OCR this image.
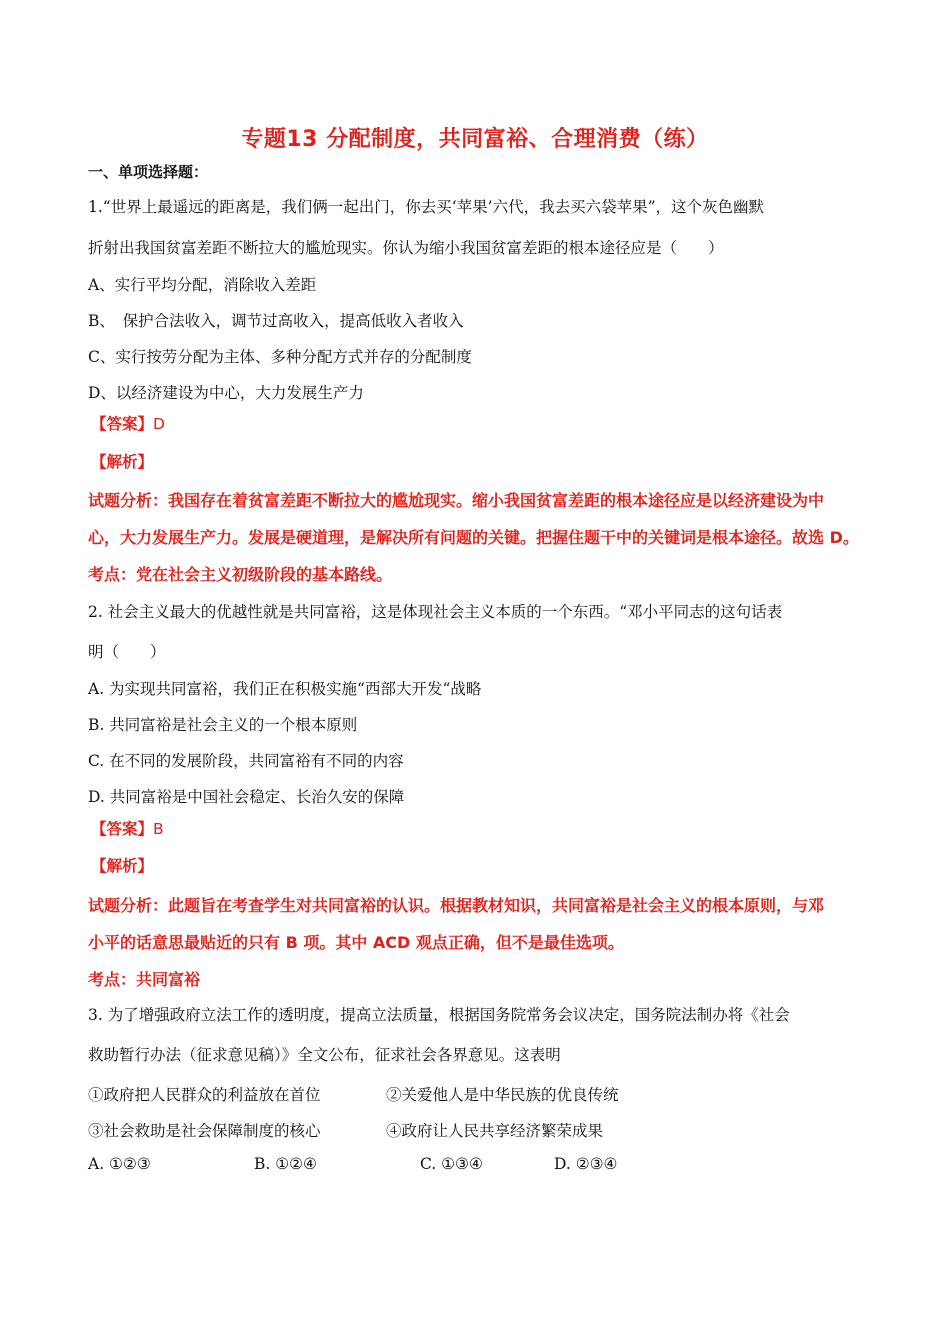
专题13 分配制度，共同富裕、合理消费（练）
一、单项选择题：
1.“世界上最遥远的距离是，我们俩一起出门，你去买‘苹果’六代，我去买六袋苹果”，这个灰色幽默
折射出我国贫富差距不断拉大的尴尬现实。你认为缩小我国贫富差距的根本途径应是（　　）
A、实行平均分配，消除收入差距
B、　保护合法收入，调节过高收入，提高低收入者收入
C、实行按劳分配为主体、多种分配方式并存的分配制度
D、以经济建设为中心，大力发展生产力
【答案】D
【解析】
试题分析：我国存在着贫富差距不断拉大的尴尬现实。缩小我国贫富差距的根本途径应是以经济建设为中
心，大力发展生产力。发展是硬道理，是解决所有问题的关键。把握住题干中的关键词是根本途径。故选 D。
考点：党在社会主义初级阶段的基本路线。
2. 社会主义最大的优越性就是共同富裕，这是体现社会主义本质的一个东西。“邓小平同志的这句话表
明（　　）
A. 为实现共同富裕，我们正在积极实施“西部大开发“战略
B. 共同富裕是社会主义的一个根本原则
C. 在不同的发展阶段，共同富裕有不同的内容
D. 共同富裕是中国社会稳定、长治久安的保障
【答案】B
【解析】
试题分析：此题旨在考查学生对共同富裕的认识。根据教材知识，共同富裕是社会主义的根本原则，与邓
小平的话意思最贴近的只有 B 项。其中 ACD 观点正确，但不是最佳选项。
考点：共同富裕
3. 为了增强政府立法工作的透明度，提高立法质量，根据国务院常务会议决定，国务院法制办将《社会
救助暂行办法（征求意见稿）》全文公布，征求社会各界意见。这表明
①政府把人民群众的利益放在首位	②关爱他人是中华民族的优良传统
③社会救助是社会保障制度的核心	④政府让人民共享经济繁荣成果
A. ①②③	B. ①②④	C. ①③④	D. ②③④
